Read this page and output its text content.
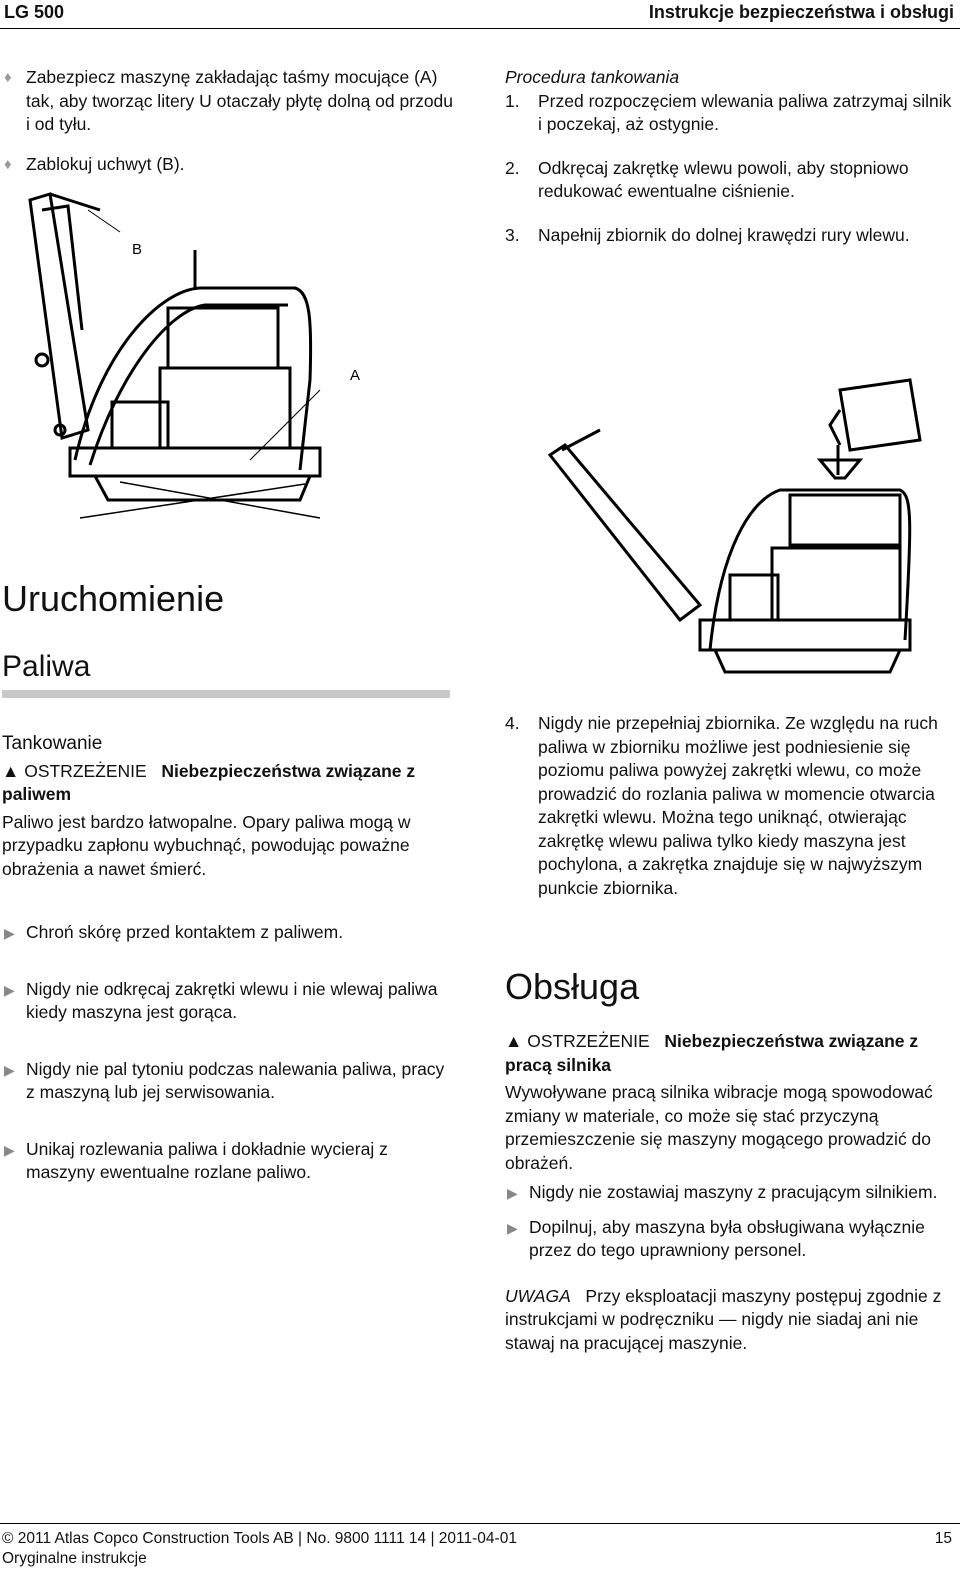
LG 500	Instrukcje bezpieczeństwa i obsługi
♦ Zabezpiecz maszynę zakładając taśmy mocujące (A) tak, aby tworząc litery U otaczały płytę dolną od przodu i od tyłu.
♦ Zablokuj uchwyt (B).
B
A
Procedura tankowania
1. Przed rozpoczęciem wlewania paliwa zatrzymaj silnik i poczekaj, aż ostygnie.
2. Odkręcaj zakrętkę wlewu powoli, aby stopniowo redukować ewentualne ciśnienie.
3. Napełnij zbiornik do dolnej krawędzi rury wlewu.
Uruchomienie
Paliwa
Tankowanie
▲ OSTRZEŻENIE Niebezpieczeństwa związane z paliwem
Paliwo jest bardzo łatwopalne. Opary paliwa mogą w przypadku zapłonu wybuchnąć, powodując poważne obrażenia a nawet śmierć.
▶ Chroń skórę przed kontaktem z paliwem.
▶ Nigdy nie odkręcaj zakrętki wlewu i nie wlewaj paliwa kiedy maszyna jest gorąca.
▶ Nigdy nie pal tytoniu podczas nalewania paliwa, pracy z maszyną lub jej serwisowania.
▶ Unikaj rozlewania paliwa i dokładnie wycieraj z maszyny ewentualne rozlane paliwo.
4. Nigdy nie przepełniaj zbiornika. Ze względu na ruch paliwa w zbiorniku możliwe jest podniesienie się poziomu paliwa powyżej zakrętki wlewu, co może prowadzić do rozlania paliwa w momencie otwarcia zakrętki wlewu. Można tego uniknąć, otwierając zakrętkę wlewu paliwa tylko kiedy maszyna jest pochylona, a zakrętka znajduje się w najwyższym punkcie zbiornika.
Obsługa
▲ OSTRZEŻENIE Niebezpieczeństwa związane z pracą silnika
Wywoływane pracą silnika wibracje mogą spowodować zmiany w materiale, co może się stać przyczyną przemieszczenie się maszyny mogącego prowadzić do obrażeń.
▶ Nigdy nie zostawiaj maszyny z pracującym silnikiem.
▶ Dopilnuj, aby maszyna była obsługiwana wyłącznie przez do tego uprawniony personel.
UWAGA Przy eksploatacji maszyny postępuj zgodnie z instrukcjami w podręczniku — nigdy nie siadaj ani nie stawaj na pracującej maszynie.
© 2011 Atlas Copco Construction Tools AB | No. 9800 1111 14 | 2011-04-01
Oryginalne instrukcje
15
